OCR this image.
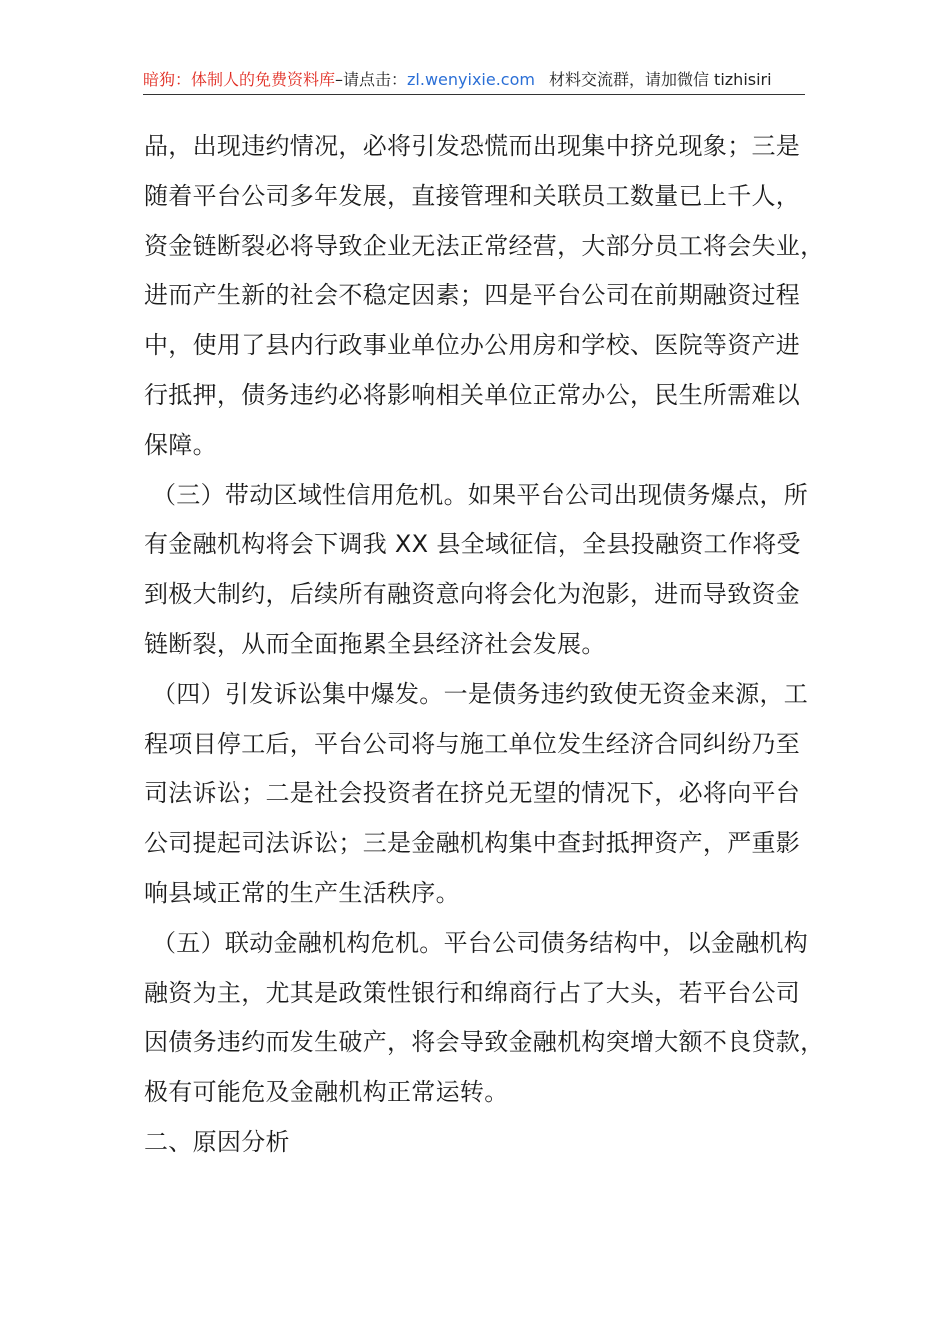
暗狗：体制人的免费资料库–请点击：zl.wenyixie.com 材料交流群，请加微信 tizhisiri
品，出现违约情况，必将引发恐慌而出现集中挤兑现象；三是
随着平台公司多年发展，直接管理和关联员工数量已上千人，
资金链断裂必将导致企业无法正常经营，大部分员工将会失业，
进而产生新的社会不稳定因素；四是平台公司在前期融资过程
中，使用了县内行政事业单位办公用房和学校、医院等资产进
行抵押，债务违约必将影响相关单位正常办公，民生所需难以
保障。
（三）带动区域性信用危机。如果平台公司出现债务爆点，所
有金融机构将会下调我 XX 县全域征信，全县投融资工作将受
到极大制约，后续所有融资意向将会化为泡影，进而导致资金
链断裂，从而全面拖累全县经济社会发展。
（四）引发诉讼集中爆发。一是债务违约致使无资金来源，工
程项目停工后，平台公司将与施工单位发生经济合同纠纷乃至
司法诉讼；二是社会投资者在挤兑无望的情况下，必将向平台
公司提起司法诉讼；三是金融机构集中查封抵押资产，严重影
响县域正常的生产生活秩序。
（五）联动金融机构危机。平台公司债务结构中，以金融机构
融资为主，尤其是政策性银行和绵商行占了大头，若平台公司
因债务违约而发生破产，将会导致金融机构突增大额不良贷款，
极有可能危及金融机构正常运转。
二、原因分析
